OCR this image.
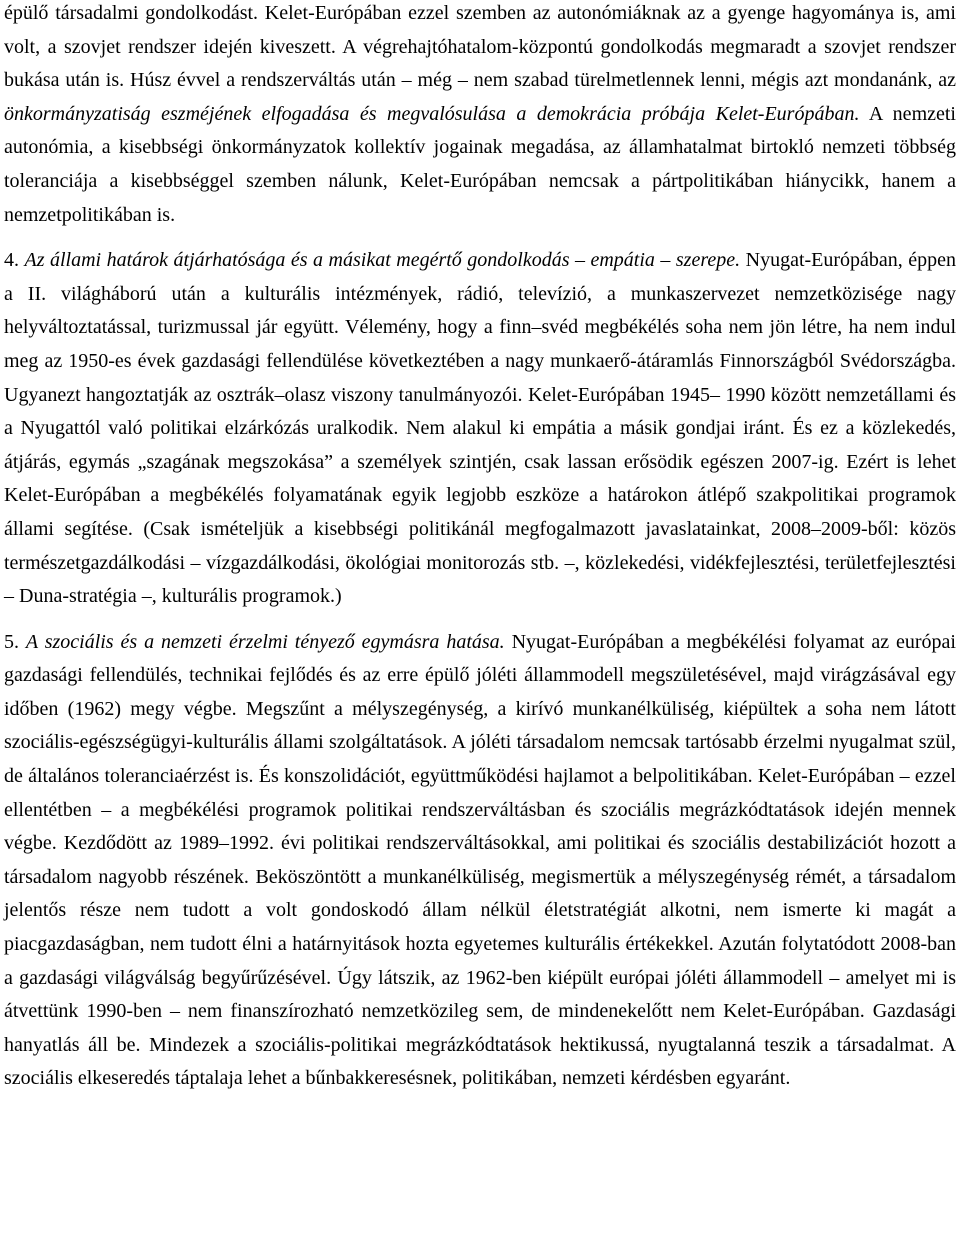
épülő társadalmi gondolkodást. Kelet-Európában ezzel szemben az autonómiáknak az a gyenge hagyománya is, ami volt, a szovjet rendszer idején kiveszett. A végrehajtóhatalom-központú gondolkodás megmaradt a szovjet rendszer bukása után is. Húsz évvel a rendszerváltás után – még – nem szabad türelmetlennek lenni, mégis azt mondanánk, az önkormányzatiság eszméjének elfogadása és megvalósulása a demokrácia próbája Kelet-Európában. A nemzeti autonómia, a kisebbségi önkormányzatok kollektív jogainak megadása, az államhatalmat birtokló nemzeti többség toleranciája a kisebbséggel szemben nálunk, Kelet-Európában nemcsak a pártpolitikában hiánycikk, hanem a nemzetpolitikában is.

4. Az állami határok átjárhatósága és a másikat megértő gondolkodás – empátia – szerepe. Nyugat-Európában, éppen a II. világháború után a kulturális intézmények, rádió, televízió, a munkaszervezet nemzetközisége nagy helyváltoztatással, turizmussal jár együtt. Vélemény, hogy a finn–svéd megbékélés soha nem jön létre, ha nem indul meg az 1950-es évek gazdasági fellendülése következtében a nagy munkaerő-átáramlás Finnországból Svédországba. Ugyanezt hangoztatják az osztrák–olasz viszony tanulmányozói. Kelet-Európában 1945– 1990 között nemzetállami és a Nyugattól való politikai elzárkózás uralkodik. Nem alakul ki empátia a másik gondjai iránt. És ez a közlekedés, átjárás, egymás „szagának megszokása” a személyek szintjén, csak lassan erősödik egészen 2007-ig. Ezért is lehet Kelet-Európában a megbékélés folyamatának egyik legjobb eszköze a határokon átlépő szakpolitikai programok állami segítése. (Csak ismételjük a kisebbségi politikánál megfogalmazott javaslatainkat, 2008–2009-ből: közös természetgazdálkodási – vízgazdálkodási, ökológiai monitorozás stb. –, közlekedési, vidékfejlesztési, területfejlesztési – Duna-stratégia –, kulturális programok.)

5. A szociális és a nemzeti érzelmi tényező egymásra hatása. Nyugat-Európában a megbékélési folyamat az európai gazdasági fellendülés, technikai fejlődés és az erre épülő jóléti állammodell megszületésével, majd virágzásával egy időben (1962) megy végbe. Megszűnt a mélyszegénység, a kirívó munkanélküliség, kiépültek a soha nem látott szociális-egészségügyi-kulturális állami szolgáltatások. A jóléti társadalom nemcsak tartósabb érzelmi nyugalmat szül, de általános toleranciaérzést is. És konszolidációt, együttműködési hajlamot a belpolitikában. Kelet-Európában – ezzel ellentétben – a megbékélési programok politikai rendszerváltásban és szociális megrázkódtatások idején mennek végbe. Kezdődött az 1989–1992. évi politikai rendszerváltásokkal, ami politikai és szociális destabilizációt hozott a társadalom nagyobb részének. Beköszöntött a munkanélküliség, megismertük a mélyszegénység rémét, a társadalom jelentős része nem tudott a volt gondoskodó állam nélkül életstratégiát alkotni, nem ismerte ki magát a piacgazdaságban, nem tudott élni a határnyitások hozta egyetemes kulturális értékekkel. Azután folytatódott 2008-ban a gazdasági világválság begyűrűzésével. Úgy látszik, az 1962-ben kiépült európai jóléti állammodell – amelyet mi is átvettünk 1990-ben – nem finanszírozható nemzetközileg sem, de mindenekelőtt nem Kelet-Európában. Gazdasági hanyatlás áll be. Mindezek a szociális-politikai megrázkódtatások hektikussá, nyugtalanná teszik a társadalmat. A szociális elkeseredés táptalaja lehet a bűnbakkeresésnek, politikában, nemzeti kérdésben egyaránt.
